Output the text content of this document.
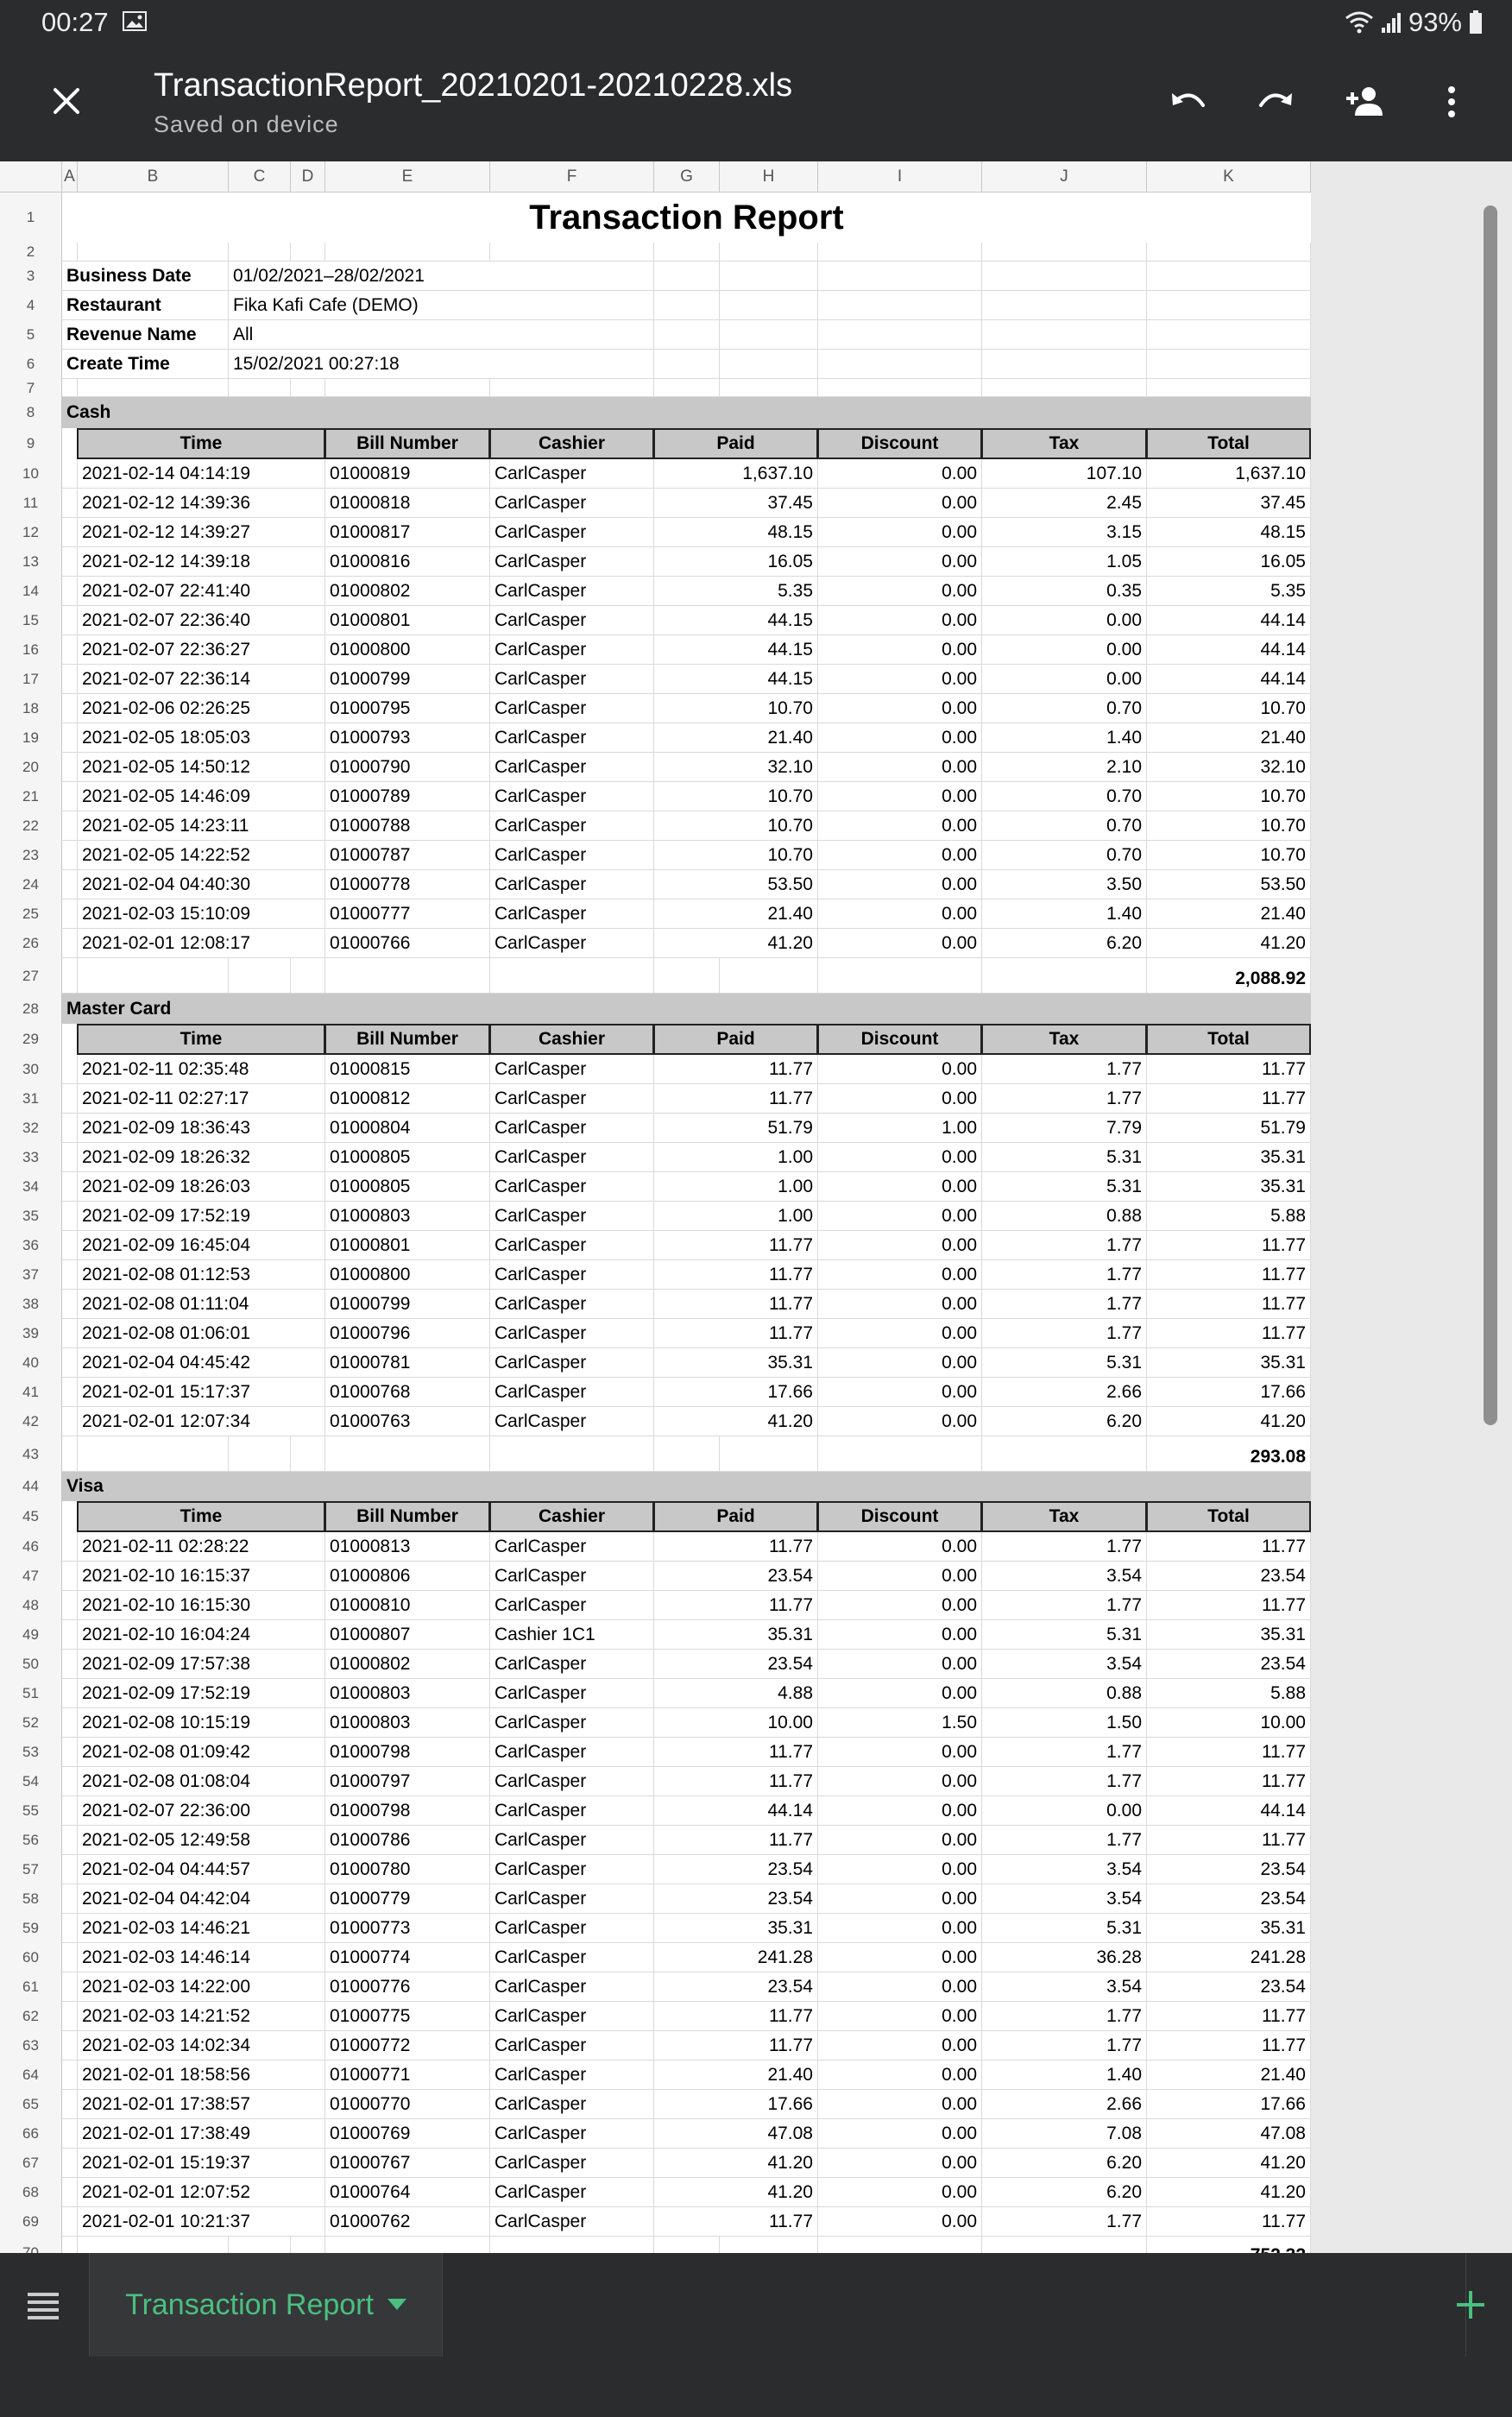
00:27	93%
TransactionReport_20210201-20210228.xls
Saved on device
A	B	C	D	E	F	G	H	I	J	K
1
2
3
4
5
6
7
8
9
10
11
12
13
14
15
16
17
18
19
20
21
22
23
24
25
26
27
28
29
30
31
32
33
34
35
36
37
38
39
40
41
42
43
44
45
46
47
48
49
50
51
52
53
54
55
56
57
58
59
60
61
62
63
64
65
66
67
68
69
Transaction Report
Business Date	01/02/2021–28/02/2021
Restaurant	Fika Kafi Cafe (DEMO)
Revenue Name	All
Create Time	15/02/2021 00:27:18
Cash
Time	Bill Number	Cashier	Paid	Discount	Tax	Total
2021-02-14 04:14:19	01000819	CarlCasper	1,637.10	0.00	107.10	1,637.10
2021-02-12 14:39:36	01000818	CarlCasper	37.45	0.00	2.45	37.45
2021-02-12 14:39:27	01000817	CarlCasper	48.15	0.00	3.15	48.15
2021-02-12 14:39:18	01000816	CarlCasper	16.05	0.00	1.05	16.05
2021-02-07 22:41:40	01000802	CarlCasper	5.35	0.00	0.35	5.35
2021-02-07 22:36:40	01000801	CarlCasper	44.15	0.00	0.00	44.14
2021-02-07 22:36:27	01000800	CarlCasper	44.15	0.00	0.00	44.14
2021-02-07 22:36:14	01000799	CarlCasper	44.15	0.00	0.00	44.14
2021-02-06 02:26:25	01000795	CarlCasper	10.70	0.00	0.70	10.70
2021-02-05 18:05:03	01000793	CarlCasper	21.40	0.00	1.40	21.40
2021-02-05 14:50:12	01000790	CarlCasper	32.10	0.00	2.10	32.10
2021-02-05 14:46:09	01000789	CarlCasper	10.70	0.00	0.70	10.70
2021-02-05 14:23:11	01000788	CarlCasper	10.70	0.00	0.70	10.70
2021-02-05 14:22:52	01000787	CarlCasper	10.70	0.00	0.70	10.70
2021-02-04 04:40:30	01000778	CarlCasper	53.50	0.00	3.50	53.50
2021-02-03 15:10:09	01000777	CarlCasper	21.40	0.00	1.40	21.40
2021-02-01 12:08:17	01000766	CarlCasper	41.20	0.00	6.20	41.20
2,088.92
Master Card
Time	Bill Number	Cashier	Paid	Discount	Tax	Total
2021-02-11 02:35:48	01000815	CarlCasper	11.77	0.00	1.77	11.77
2021-02-11 02:27:17	01000812	CarlCasper	11.77	0.00	1.77	11.77
2021-02-09 18:36:43	01000804	CarlCasper	51.79	1.00	7.79	51.79
2021-02-09 18:26:32	01000805	CarlCasper	1.00	0.00	5.31	35.31
2021-02-09 18:26:03	01000805	CarlCasper	1.00	0.00	5.31	35.31
2021-02-09 17:52:19	01000803	CarlCasper	1.00	0.00	0.88	5.88
2021-02-09 16:45:04	01000801	CarlCasper	11.77	0.00	1.77	11.77
2021-02-08 01:12:53	01000800	CarlCasper	11.77	0.00	1.77	11.77
2021-02-08 01:11:04	01000799	CarlCasper	11.77	0.00	1.77	11.77
2021-02-08 01:06:01	01000796	CarlCasper	11.77	0.00	1.77	11.77
2021-02-04 04:45:42	01000781	CarlCasper	35.31	0.00	5.31	35.31
2021-02-01 15:17:37	01000768	CarlCasper	17.66	0.00	2.66	17.66
2021-02-01 12:07:34	01000763	CarlCasper	41.20	0.00	6.20	41.20
293.08
Visa
Time	Bill Number	Cashier	Paid	Discount	Tax	Total
2021-02-11 02:28:22	01000813	CarlCasper	11.77	0.00	1.77	11.77
2021-02-10 16:15:37	01000806	CarlCasper	23.54	0.00	3.54	23.54
2021-02-10 16:15:30	01000810	CarlCasper	11.77	0.00	1.77	11.77
2021-02-10 16:04:24	01000807	Cashier 1C1	35.31	0.00	5.31	35.31
2021-02-09 17:57:38	01000802	CarlCasper	23.54	0.00	3.54	23.54
2021-02-09 17:52:19	01000803	CarlCasper	4.88	0.00	0.88	5.88
2021-02-08 10:15:19	01000803	CarlCasper	10.00	1.50	1.50	10.00
2021-02-08 01:09:42	01000798	CarlCasper	11.77	0.00	1.77	11.77
2021-02-08 01:08:04	01000797	CarlCasper	11.77	0.00	1.77	11.77
2021-02-07 22:36:00	01000798	CarlCasper	44.14	0.00	0.00	44.14
2021-02-05 12:49:58	01000786	CarlCasper	11.77	0.00	1.77	11.77
2021-02-04 04:44:57	01000780	CarlCasper	23.54	0.00	3.54	23.54
2021-02-04 04:42:04	01000779	CarlCasper	23.54	0.00	3.54	23.54
2021-02-03 14:46:21	01000773	CarlCasper	35.31	0.00	5.31	35.31
2021-02-03 14:46:14	01000774	CarlCasper	241.28	0.00	36.28	241.28
2021-02-03 14:22:00	01000776	CarlCasper	23.54	0.00	3.54	23.54
2021-02-03 14:21:52	01000775	CarlCasper	11.77	0.00	1.77	11.77
2021-02-03 14:02:34	01000772	CarlCasper	11.77	0.00	1.77	11.77
2021-02-01 18:58:56	01000771	CarlCasper	21.40	0.00	1.40	21.40
2021-02-01 17:38:57	01000770	CarlCasper	17.66	0.00	2.66	17.66
2021-02-01 17:38:49	01000769	CarlCasper	47.08	0.00	7.08	47.08
2021-02-01 15:19:37	01000767	CarlCasper	41.20	0.00	6.20	41.20
2021-02-01 12:07:52	01000764	CarlCasper	41.20	0.00	6.20	41.20
2021-02-01 10:21:37	01000762	CarlCasper	11.77	0.00	1.77	11.77
Transaction Report
